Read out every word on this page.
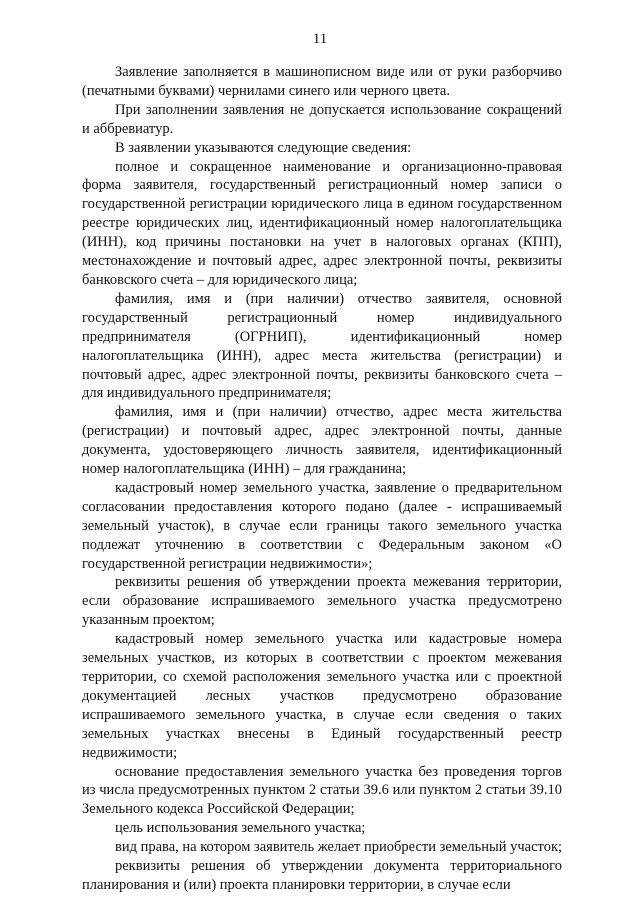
11

Заявление заполняется в машинописном виде или от руки разборчиво (печатными буквами) чернилами синего или черного цвета.

При заполнении заявления не допускается использование сокращений и аббревиатур.

В заявлении указываются следующие сведения:

полное и сокращенное наименование и организационно-правовая форма заявителя, государственный регистрационный номер записи о государственной регистрации юридического лица в едином государственном реестре юридических лиц, идентификационный номер налогоплательщика (ИНН), код причины постановки на учет в налоговых органах (КПП), местонахождение и почтовый адрес, адрес электронной почты, реквизиты банковского счета – для юридического лица;

фамилия, имя и (при наличии) отчество заявителя, основной государственный регистрационный номер индивидуального предпринимателя (ОГРНИП), идентификационный номер налогоплательщика (ИНН), адрес места жительства (регистрации) и почтовый адрес, адрес электронной почты, реквизиты банковского счета – для индивидуального предпринимателя;

фамилия, имя и (при наличии) отчество, адрес места жительства (регистрации) и почтовый адрес, адрес электронной почты, данные документа, удостоверяющего личность заявителя, идентификационный номер налогоплательщика (ИНН) – для гражданина;

кадастровый номер земельного участка, заявление о предварительном согласовании предоставления которого подано (далее - испрашиваемый земельный участок), в случае если границы такого земельного участка подлежат уточнению в соответствии с Федеральным законом «О государственной регистрации недвижимости»;

реквизиты решения об утверждении проекта межевания территории, если образование испрашиваемого земельного участка предусмотрено указанным проектом;

кадастровый номер земельного участка или кадастровые номера земельных участков, из которых в соответствии с проектом межевания территории, со схемой расположения земельного участка или с проектной документацией лесных участков предусмотрено образование испрашиваемого земельного участка, в случае если сведения о таких земельных участках внесены в Единый государственный реестр недвижимости;

основание предоставления земельного участка без проведения торгов из числа предусмотренных пунктом 2 статьи 39.6 или пунктом 2 статьи 39.10 Земельного кодекса Российской Федерации;

цель использования земельного участка;

вид права, на котором заявитель желает приобрести земельный участок;

реквизиты решения об утверждении документа территориального планирования и (или) проекта планировки территории, в случае если
